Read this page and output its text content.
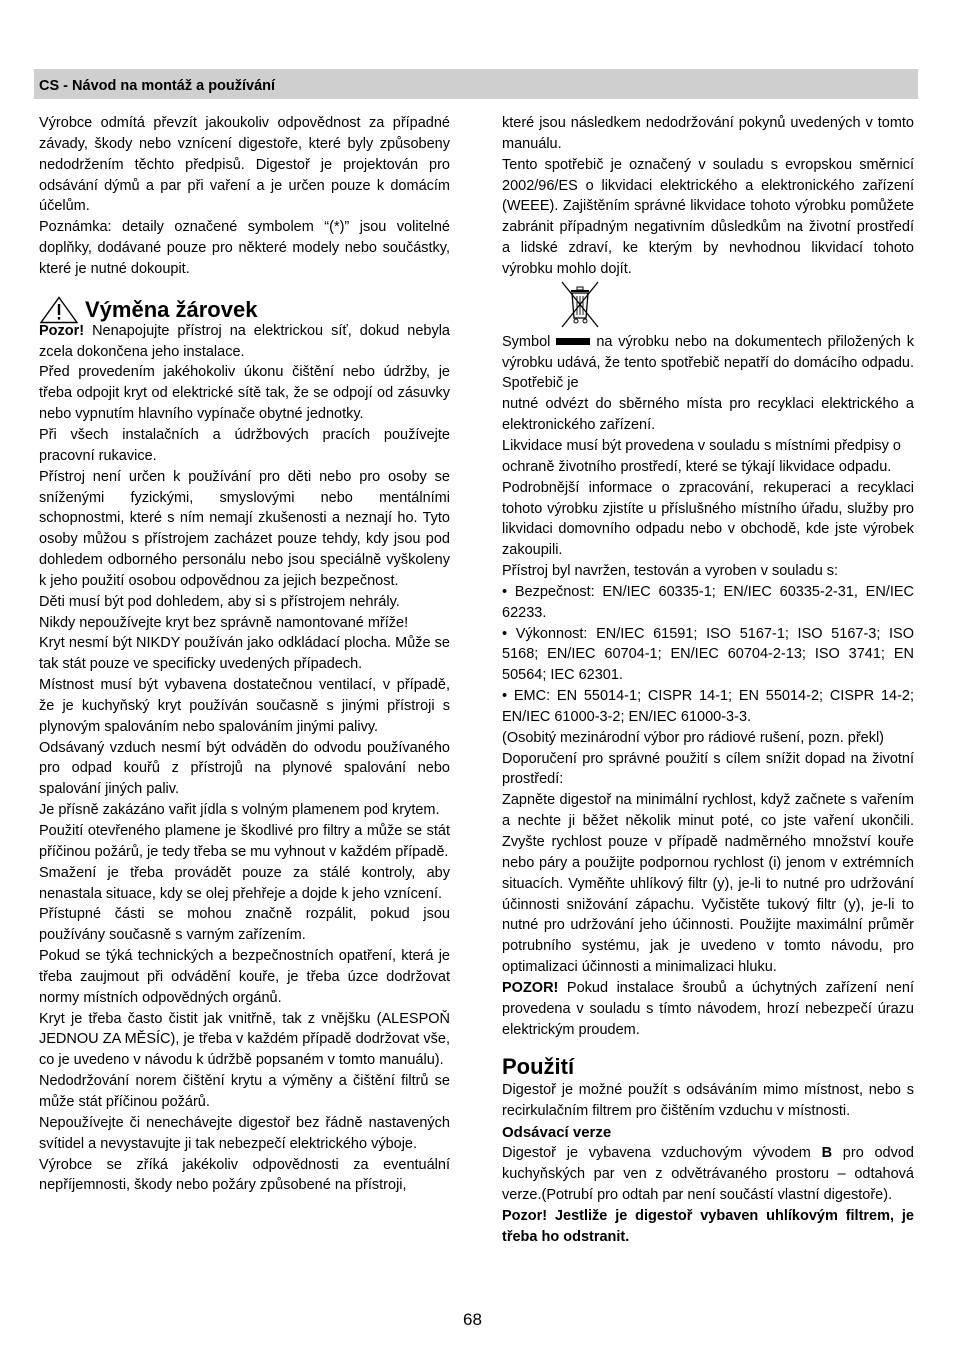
CS - Návod na montáž a používání

Výrobce odmítá převzít jakoukoliv odpovědnost za případné závady, škody nebo vznícení digestoře, které byly způsobeny nedodržením těchto předpisů. Digestoř je projektován pro odsávání dýmů a par při vaření a je určen pouze k domácím účelům.

Poznámka: detaily označené symbolem “(*)” jsou volitelné doplňky, dodávané pouze pro některé modely nebo součástky, které je nutné dokoupit.

Výměna žárovek

Pozor! Nenapojujte přístroj na elektrickou síť, dokud nebyla zcela dokončena jeho instalace.

Před provedením jakéhokoliv úkonu čištění nebo údržby, je třeba odpojit kryt od elektrické sítě tak, že se odpojí od zásuvky nebo vypnutím hlavního vypínače obytné jednotky.

Při všech instalačních a údržbových pracích používejte pracovní rukavice.

Přístroj není určen k používání pro děti nebo pro osoby se sníženými fyzickými, smyslovými nebo mentálními schopnostmi, které s ním nemají zkušenosti a neznají ho. Tyto osoby můžou s přístrojem zacházet pouze tehdy, kdy jsou pod dohledem odborného personálu nebo jsou speciálně vyškoleny k jeho použití osobou odpovědnou za jejich bezpečnost.

Děti musí být pod dohledem, aby si s přístrojem nehrály.

Nikdy nepoužívejte kryt bez správně namontované mříže!

Kryt nesmí být NIKDY používán jako odkládací plocha. Může se tak stát pouze ve specificky uvedených případech.

Místnost musí být vybavena dostatečnou ventilací, v případě, že je kuchyňský kryt používán současně s jinými přístroji s plynovým spalováním nebo spalováním jinými palivy.

Odsávaný vzduch nesmí být odváděn do odvodu používaného pro odpad kouřů z přístrojů na plynové spalování nebo spalování jiných paliv.

Je přísně zakázáno vařit jídla s volným plamenem pod krytem.

Použití otevřeného plamene je škodlivé pro filtry a může se stát příčinou požárů, je tedy třeba se mu vyhnout v každém případě.

Smažení je třeba provádět pouze za stálé kontroly, aby nenastala situace, kdy se olej přehřeje a dojde k jeho vznícení.

Přístupné části se mohou značně rozpálit, pokud jsou používány současně s varným zařízením.

Pokud se týká technických a bezpečnostních opatření, která je třeba zaujmout při odvádění kouře, je třeba úzce dodržovat normy místních odpovědných orgánů.

Kryt je třeba často čistit jak vnitřně, tak z vnějšku (ALESPOŇ JEDNOU ZA MĚSÍC), je třeba v každém případě dodržovat vše, co je uvedeno v návodu k údržbě popsaném v tomto manuálu).

Nedodržování norem čištění krytu a výměny a čištění filtrů se může stát příčinou požárů.

Nepoužívejte či nenechávejte digestoř bez řádně nastavených svítidel a nevystavujte ji tak nebezpečí elektrického výboje.

Výrobce se zříká jakékoliv odpovědnosti za eventuální nepříjemnosti, škody nebo požáry způsobené na přístroji,

které jsou následkem nedodržování pokynů uvedených v tomto manuálu.

Tento spotřebič je označený v souladu s evropskou směrnicí 2002/96/ES o likvidaci elektrického a elektronického zařízení (WEEE). Zajištěním správné likvidace tohoto výrobku pomůžete zabránit případným negativním důsledkům na životní prostředí a lidské zdraví, ke kterým by nevhodnou likvidací tohoto výrobku mohlo dojít.

Symbol	na výrobku nebo na dokumentech přiložených k výrobku udává, že tento spotřebič nepatří do domácího odpadu. Spotřebič je

nutné odvézt do sběrného místa pro recyklaci elektrického a elektronického zařízení.

Likvidace musí být provedena v souladu s místními předpisy o ochraně životního prostředí, které se týkají likvidace odpadu.

Podrobnější informace o zpracování, rekuperaci a recyklaci tohoto výrobku zjistíte u příslušného místního úřadu, služby pro likvidaci domovního odpadu nebo v obchodě, kde jste výrobek zakoupili.

Přístroj byl navržen, testován a vyroben v souladu s:

• Bezpečnost: EN/IEC 60335-1; EN/IEC 60335-2-31, EN/IEC 62233.

• Výkonnost: EN/IEC 61591; ISO 5167-1; ISO 5167-3; ISO 5168; EN/IEC 60704-1; EN/IEC 60704-2-13; ISO 3741; EN 50564; IEC 62301.

• EMC: EN 55014-1; CISPR 14-1; EN 55014-2; CISPR 14-2; EN/IEC 61000-3-2; EN/IEC 61000-3-3.

(Osobitý mezinárodní výbor pro rádiové rušení, pozn. překl)

Doporučení pro správné použití s cílem snížit dopad na životní prostředí:

Zapněte digestoř na minimální rychlost, když začnete s vařením a nechte ji běžet několik minut poté, co jste vaření ukončili. Zvyšte rychlost pouze v případě nadměrného množství kouře nebo páry a použijte podpornou rychlost (i) jenom v extrémních situacích. Vyměňte uhlíkový filtr (y), je-li to nutné pro udržování účinnosti snižování zápachu. Vyčistěte tukový filtr (y), je-li to nutné pro udržování jeho účinnosti. Použijte maximální průměr potrubního systému, jak je uvedeno v tomto návodu, pro optimalizaci účinnosti a minimalizaci hluku.

POZOR! Pokud instalace šroubů a úchytných zařízení není provedena v souladu s tímto návodem, hrozí nebezpečí úrazu elektrickým proudem.

Použití

Digestoř je možné použít s odsáváním mimo místnost, nebo s recirkulačním filtrem pro čištěním vzduchu v místnosti.

Odsávací verze

Digestoř je vybavena vzduchovým vývodem B pro odvod kuchyňských par ven z odvětrávaného prostoru – odtahová verze.(Potrubí pro odtah par není součástí vlastní digestoře).

Pozor! Jestliže je digestoř vybaven uhlíkovým filtrem, je třeba ho odstranit.

68
